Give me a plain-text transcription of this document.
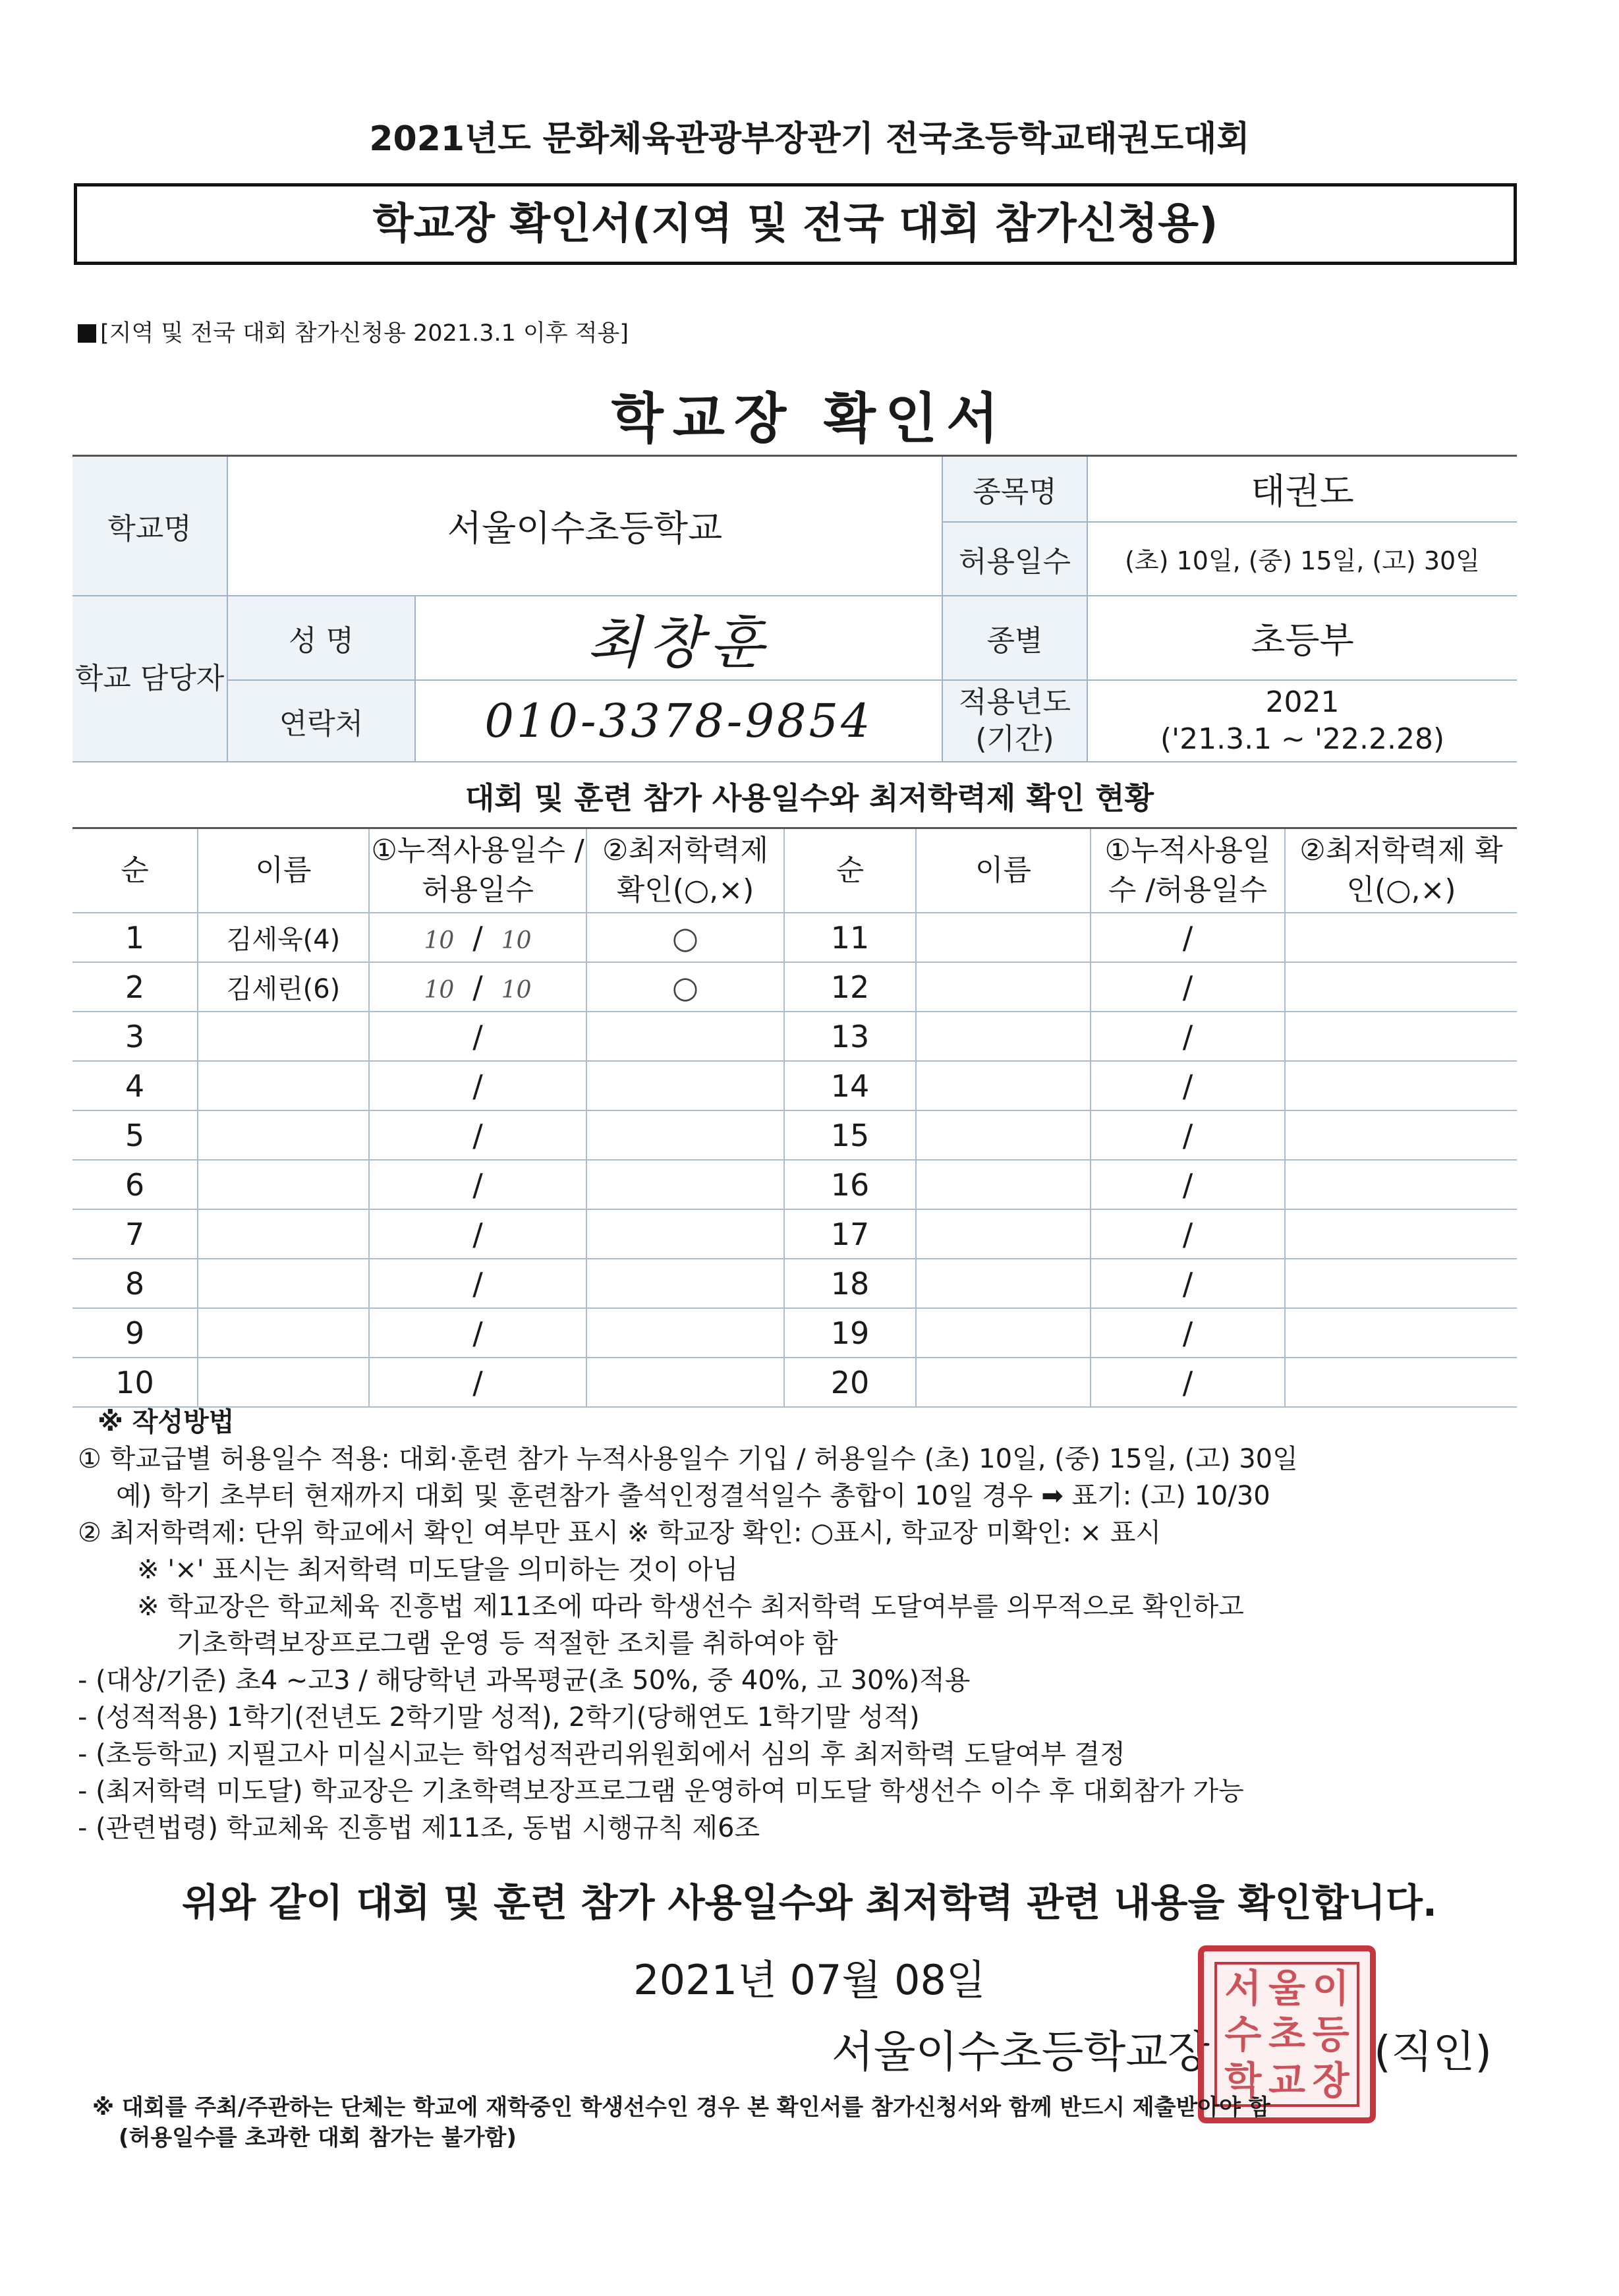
2021년도 문화체육관광부장관기 전국초등학교태권도대회
학교장 확인서(지역 및 전국 대회 참가신청용)
[지역 및 전국 대회 참가신청용 2021.3.1 이후 적용]
학교장 확인서
학교명	서울이수초등학교		종목명	태권도
			허용일수	(초) 10일, (중) 15일, (고) 30일
학교 담당자	성 명	최창훈	종별	초등부
	연락처	010-3378-9854	적용년도 (기간)	2021
('21.3.1 ~ '22.2.28)
대회 및 훈련 참가 사용일수와 최저학력제 확인 현황
순	이름	①누적사용일수 /허용일수	②최저학력제 확인(○,×)	순	이름	①누적사용일수 /허용일수	②최저학력제 확인(○,×)
1	김세욱(4)	10 / 10	○	11		/	
2	김세린(6)	10 / 10	○	12		/	
3		/		13		/	
4		/		14		/	
5		/		15		/	
6		/		16		/	
7		/		17		/	
8		/		18		/	
9		/		19		/	
10		/		20		/	
※ 작성방법
① 학교급별 허용일수 적용: 대회·훈련 참가 누적사용일수 기입 / 허용일수 (초) 10일, (중) 15일, (고) 30일
예) 학기 초부터 현재까지 대회 및 훈련참가 출석인정결석일수 총합이 10일 경우 ➡ 표기: (고) 10/30
② 최저학력제: 단위 학교에서 확인 여부만 표시 ※ 학교장 확인: ○표시, 학교장 미확인: × 표시
※ '×' 표시는 최저학력 미도달을 의미하는 것이 아님
※ 학교장은 학교체육 진흥법 제11조에 따라 학생선수 최저학력 도달여부를 의무적으로 확인하고
기초학력보장프로그램 운영 등 적절한 조치를 취하여야 함
- (대상/기준) 초4 ~고3 / 해당학년 과목평균(초 50%, 중 40%, 고 30%)적용
- (성적적용) 1학기(전년도 2학기말 성적), 2학기(당해연도 1학기말 성적)
- (초등학교) 지필고사 미실시교는 학업성적관리위원회에서 심의 후 최저학력 도달여부 결정
- (최저학력 미도달) 학교장은 기초학력보장프로그램 운영하여 미도달 학생선수 이수 후 대회참가 가능
- (관련법령) 학교체육 진흥법 제11조, 동법 시행규칙 제6조
위와 같이 대회 및 훈련 참가 사용일수와 최저학력 관련 내용을 확인합니다.
2021년 07월 08일
서울이수초등학교장
서 울 이
수 초 등
학 교 장
(직인)
※ 대회를 주최/주관하는 단체는 학교에 재학중인 학생선수인 경우 본 확인서를 참가신청서와 함께 반드시 제출받아야 함
(허용일수를 초과한 대회 참가는 불가함)
